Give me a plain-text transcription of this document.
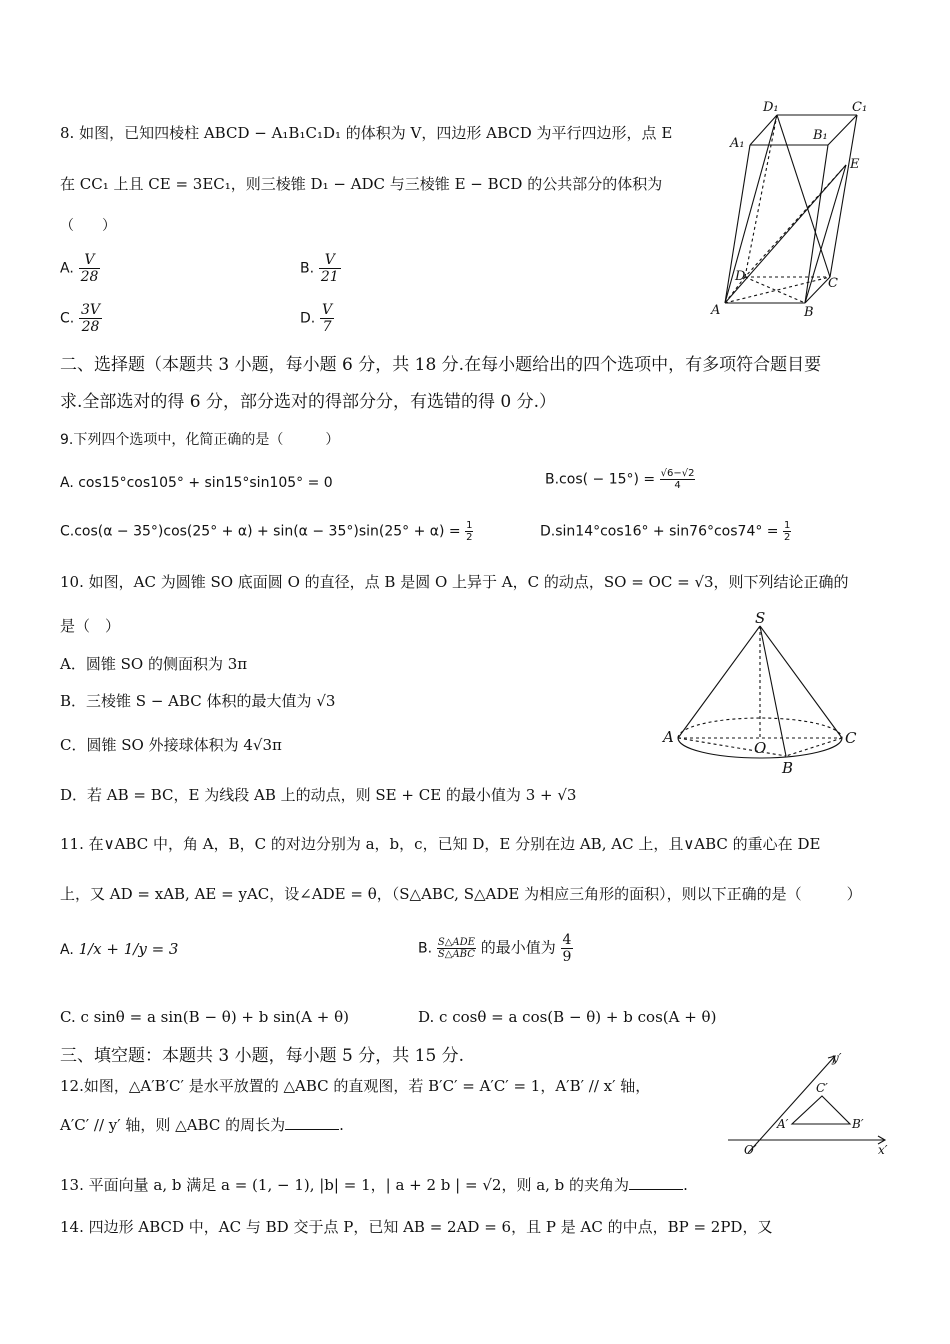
8. 如图，已知四棱柱 ABCD − A₁B₁C₁D₁ 的体积为 V，四边形 ABCD 为平行四边形，点 E
在 CC₁ 上且 CE = 3EC₁，则三棱锥 D₁ − ADC 与三棱锥 E − BCD 的公共部分的体积为
（　　）
A. $\frac{V}{28}$	B. $\frac{V}{21}$
C. $\frac{3V}{28}$	D. $\frac{V}{7}$
D₁	C₁
A₁
B₁
E
D	C
A	B
二、选择题（本题共 3 小题，每小题 6 分，共 18 分.在每小题给出的四个选项中，有多项符合题目要
求.全部选对的得 6 分，部分选对的得部分分，有选错的得 0 分.）
9.下列四个选项中，化简正确的是（　　　）
A. cos15°cos105° + sin15°sin105° = 0	$B.\cos( - 15^\circ) = \frac{√6-√2}{4}$
$C.\cos(\alpha - 35^\circ)\cos(25^\circ + \alpha) + \sin(\alpha - 35^\circ)\sin(25^\circ + \alpha) = \frac{1}{2}$	$D.\sin 14^\circ\cos 16^\circ + \sin 76^\circ\cos 74^\circ = \frac{1}{2}$
10. 如图，AC 为圆锥 SO 底面圆 O 的直径，点 B 是圆 O 上异于 A，C 的动点，SO = OC = √3，则下列结论正确的
是（　）
A．圆锥 SO 的侧面积为 3π
B．三棱锥 S − ABC 体积的最大值为 √3
C．圆锥 SO 外接球体积为 4√3π
D．若 AB = BC，E 为线段 AB 上的动点，则 SE + CE 的最小值为 3 + √3
S
A
O
C
B
11. 在∨ABC 中，角 A，B，C 的对边分别为 a，b，c，已知 D，E 分别在边 AB, AC 上，且∨ABC 的重心在 DE
上，又 AD = xAB, AE = yAC，设∠ADE = θ，（S△ABC, S△ADE 为相应三角形的面积），则以下正确的是（　　　）
A. 1/x + 1/y = 3	B. S△ADE
S△ABC 的最小值为 $\frac{4}{9}$
C. c sinθ = a sin(B − θ) + b sin(A + θ)	D. c cosθ = a cos(B − θ) + b cos(A + θ)
三、填空题：本题共 3 小题，每小题 5 分，共 15 分.
12.如图，△A′B′C′ 是水平放置的 △ABC 的直观图，若 B′C′ = A′C′ = 1，A′B′ // x′ 轴，
A′C′ // y′ 轴，则 △ABC 的周长为	.
y′
x′
O′
A′	B′
C′
13. 平面向量 a, b 满足 a = (1, − 1), |b| = 1，| a + 2 b | = √2，则 a, b 的夹角为	.
14. 四边形 ABCD 中，AC 与 BD 交于点 P，已知 AB = 2AD = 6，且 P 是 AC 的中点，BP = 2PD，又
